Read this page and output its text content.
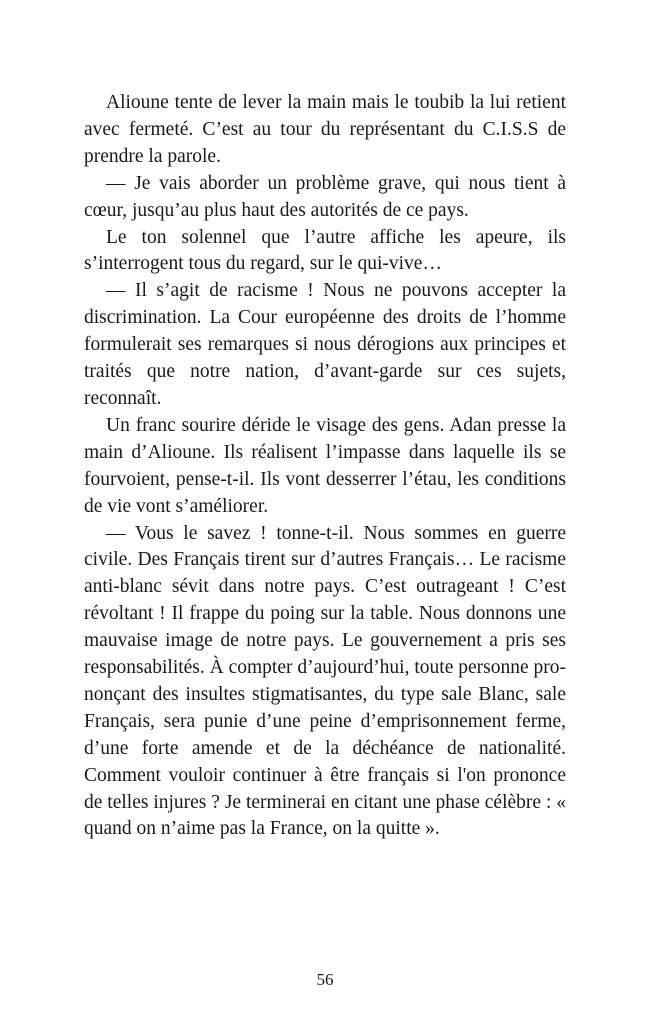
Alioune tente de lever la main mais le toubib la lui retient avec fermeté. C’est au tour du représentant du C.I.S.S de prendre la parole.

— Je vais aborder un problème grave, qui nous tient à cœur, jusqu’au plus haut des autorités de ce pays.

Le ton solennel que l’autre affiche les apeure, ils s’interrogent tous du regard, sur le qui-vive…

— Il s’agit de racisme ! Nous ne pouvons accepter la discrimination. La Cour européenne des droits de l’homme formulerait ses remarques si nous dérogions aux principes et traités que notre nation, d’avant-garde sur ces sujets, reconnaît.

Un franc sourire déride le visage des gens. Adan presse la main d’Alioune. Ils réalisent l’impasse dans laquelle ils se fourvoient, pense-t-il. Ils vont desserrer l’étau, les conditions de vie vont s’améliorer.

— Vous le savez ! tonne-t-il. Nous sommes en guerre civile. Des Français tirent sur d’autres Français… Le racisme anti-blanc sévit dans notre pays. C’est outrageant ! C’est révoltant ! Il frappe du poing sur la table. Nous donnons une mauvaise image de notre pays. Le gouvernement a pris ses responsabilités. À compter d’aujourd’hui, toute personne prononçant des insultes stigmatisantes, du type sale Blanc, sale Français, sera punie d’une peine d’emprisonnement ferme, d’une forte amende et de la déchéance de nationalité. Comment vouloir continuer à être français si l'on prononce de telles injures ? Je terminerai en citant une phase célèbre : « quand on n’aime pas la France, on la quitte ».

56
